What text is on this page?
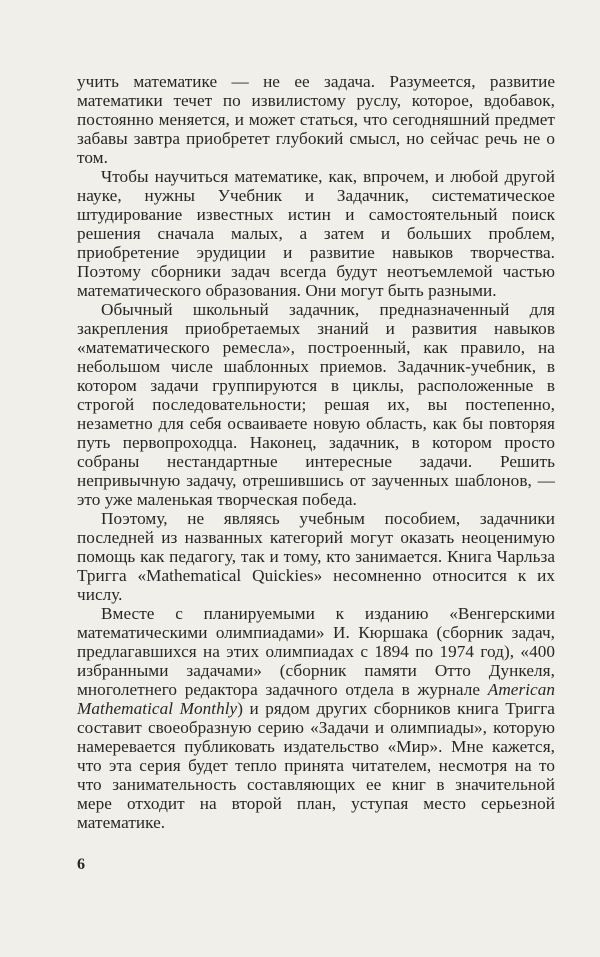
учить математике — не ее задача. Разумеется, развитие математики течет по извилистому руслу, которое, вдобавок, постоянно меняется, и может статься, что сегодняшний предмет забавы завтра приобретет глубокий смысл, но сейчас речь не о том.

Чтобы научиться математике, как, впрочем, и любой другой науке, нужны Учебник и Задачник, систематическое штудирование известных истин и самостоятельный поиск решения сначала малых, а затем и больших проблем, приобретение эрудиции и развитие навыков творчества. Поэтому сборники задач всегда будут неотъемлемой частью математического образования. Они могут быть разными.

Обычный школьный задачник, предназначенный для закрепления приобретаемых знаний и развития навыков «математического ремесла», построенный, как правило, на небольшом числе шаблонных приемов. Задачник-учебник, в котором задачи группируются в циклы, расположенные в строгой последовательности; решая их, вы постепенно, незаметно для себя осваиваете новую область, как бы повторяя путь первопроходца. Наконец, задачник, в котором просто собраны нестандартные интересные задачи. Решить непривычную задачу, отрешившись от заученных шаблонов, — это уже маленькая творческая победа.

Поэтому, не являясь учебным пособием, задачники последней из названных категорий могут оказать неоценимую помощь как педагогу, так и тому, кто занимается. Книга Чарльза Тригга «Mathematical Quickies» несомненно относится к их числу.

Вместе с планируемыми к изданию «Венгерскими математическими олимпиадами» И. Кюршака (сборник задач, предлагавшихся на этих олимпиадах с 1894 по 1974 год), «400 избранными задачами» (сборник памяти Отто Дункеля, многолетнего редактора задачного отдела в журнале American Mathematical Monthly) и рядом других сборников книга Тригга составит своеобразную серию «Задачи и олимпиады», которую намеревается публиковать издательство «Мир». Мне кажется, что эта серия будет тепло принята читателем, несмотря на то что занимательность составляющих ее книг в значительной мере отходит на второй план, уступая место серьезной математике.

6
